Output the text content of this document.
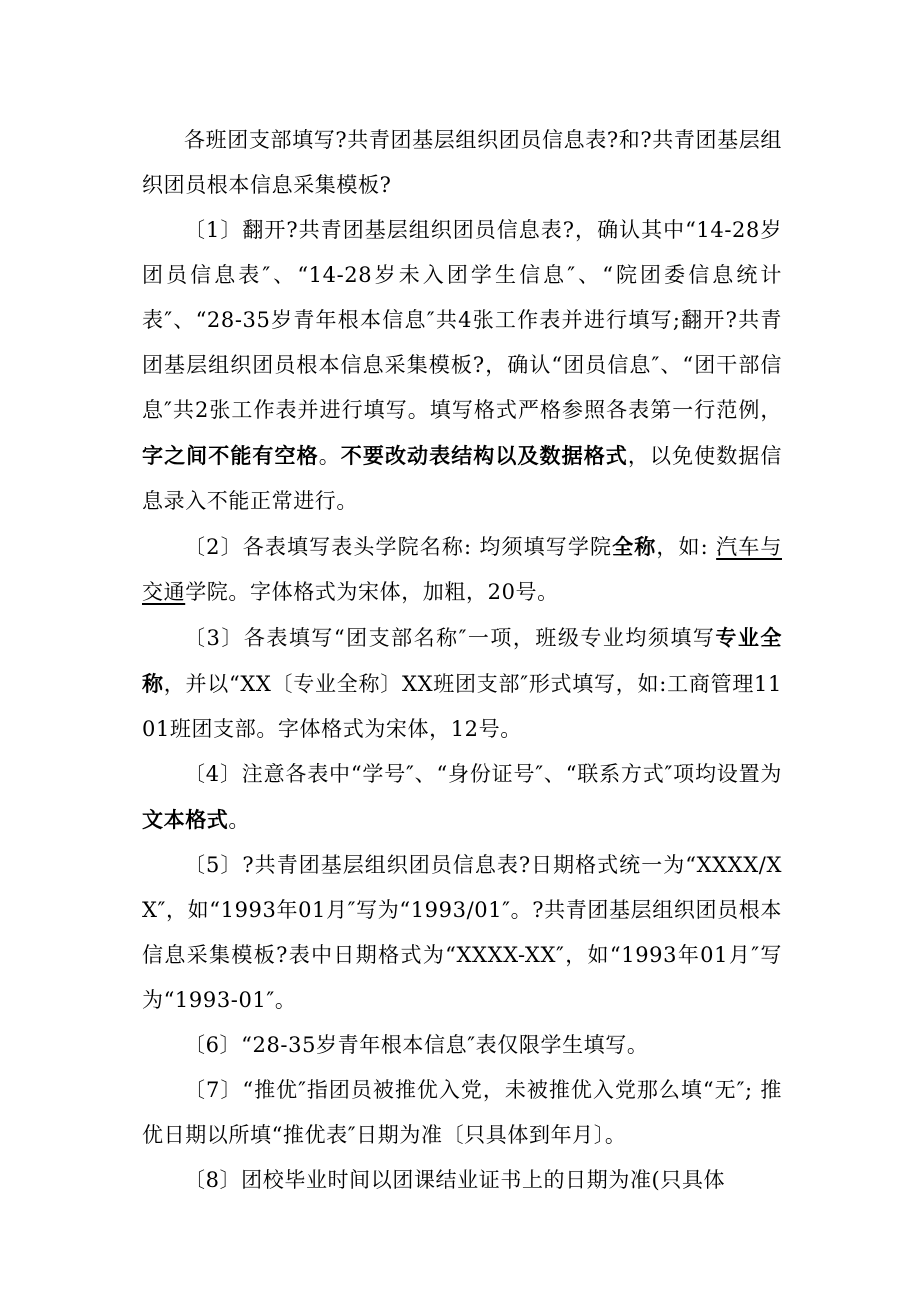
各班团支部填写?共青团基层组织团员信息表?和?共青团基层组织团员根本信息采集模板?

〔1〕翻开?共青团基层组织团员信息表?，确认其中“14-28岁团员信息表″、“14-28岁未入团学生信息″、“院团委信息统计表″、“28-35岁青年根本信息″共4张工作表并进行填写;翻开?共青团基层组织团员根本信息采集模板?，确认“团员信息″、“团干部信息″共2张工作表并进行填写。填写格式严格参照各表第一行范例，字之间不能有空格。不要改动表结构以及数据格式，以免使数据信息录入不能正常进行。

〔2〕各表填写表头学院名称: 均须填写学院全称，如: 汽车与交通学院。字体格式为宋体，加粗，20号。

〔3〕各表填写“团支部名称″一项，班级专业均须填写专业全称，并以“XX〔专业全称〕XX班团支部″形式填写，如:工商管理1101班团支部。字体格式为宋体，12号。

〔4〕注意各表中“学号″、“身份证号″、“联系方式″项均设置为文本格式。

〔5〕?共青团基层组织团员信息表?日期格式统一为“XXXX/XX″，如“1993年01月″写为“1993/01″。?共青团基层组织团员根本信息采集模板?表中日期格式为“XXXX-XX″，如“1993年01月″写为“1993-01″。

〔6〕“28-35岁青年根本信息″表仅限学生填写。

〔7〕“推优″指团员被推优入党，未被推优入党那么填“无″; 推优日期以所填“推优表″日期为准〔只具体到年月〕。

〔8〕团校毕业时间以团课结业证书上的日期为准(只具体
